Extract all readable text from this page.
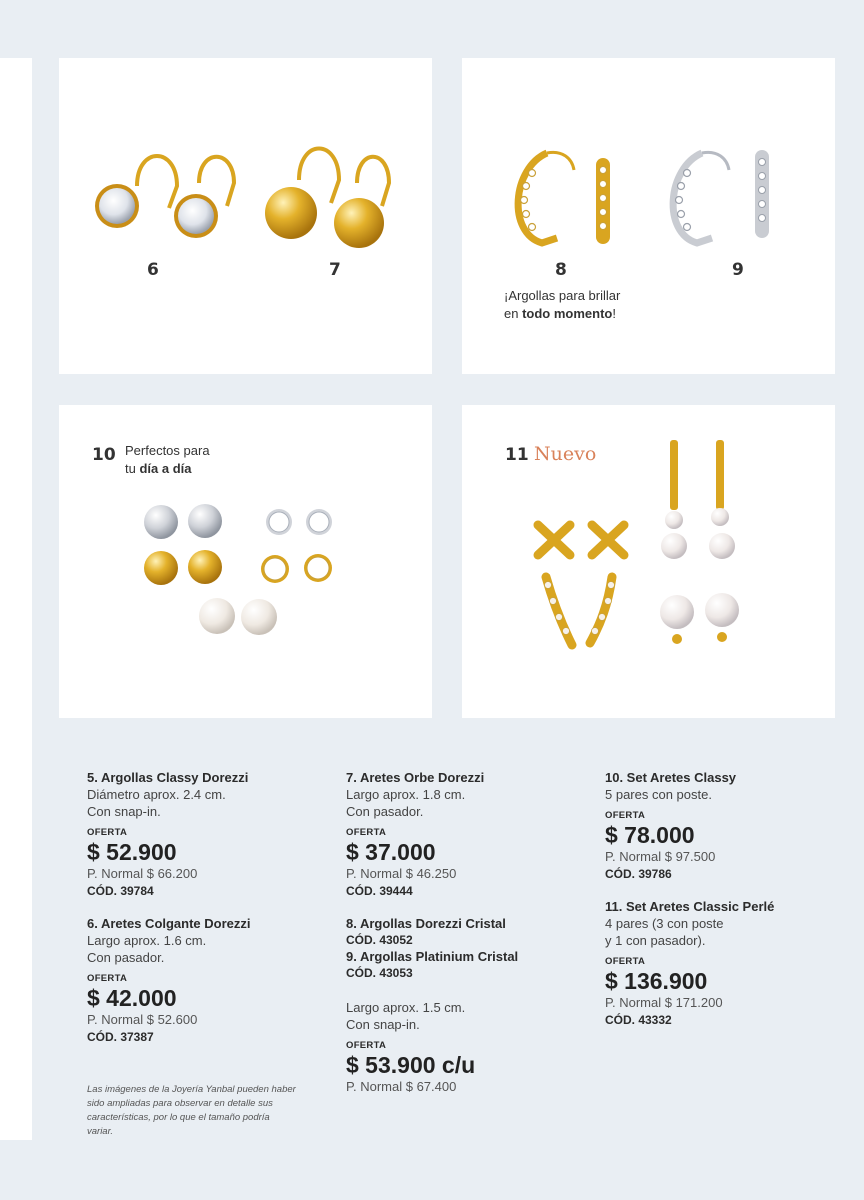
6	7	8	9
¡Argollas para brillar
en todo momento!
10 Perfectos para
tu día a día
11 Nuevo

5. Argollas Classy Dorezzi

Diámetro aprox. 2.4 cm.

Con snap-in.

OFERTA

$ 52.900

P. Normal $ 66.200

CÓD. 39784

6. Aretes Colgante Dorezzi

Largo aprox. 1.6 cm.

Con pasador.

OFERTA

$ 42.000

P. Normal $ 52.600

CÓD. 37387

7. Aretes Orbe Dorezzi

Largo aprox. 1.8 cm.

Con pasador.

OFERTA

$ 37.000

P. Normal $ 46.250

CÓD. 39444

8. Argollas Dorezzi Cristal

CÓD. 43052

9. Argollas Platinium Cristal

CÓD. 43053

Largo aprox. 1.5 cm.

Con snap-in.

OFERTA

$ 53.900 c/u

P. Normal $ 67.400

10. Set Aretes Classy

5 pares con poste.

OFERTA

$ 78.000

P. Normal $ 97.500

CÓD. 39786

11. Set Aretes Classic Perlé

4 pares (3 con poste

y 1 con pasador).

OFERTA

$ 136.900

P. Normal $ 171.200

CÓD. 43332

Las imágenes de la Joyería Yanbal pueden haber sido ampliadas para observar en detalle sus características, por lo que el tamaño podría variar.
